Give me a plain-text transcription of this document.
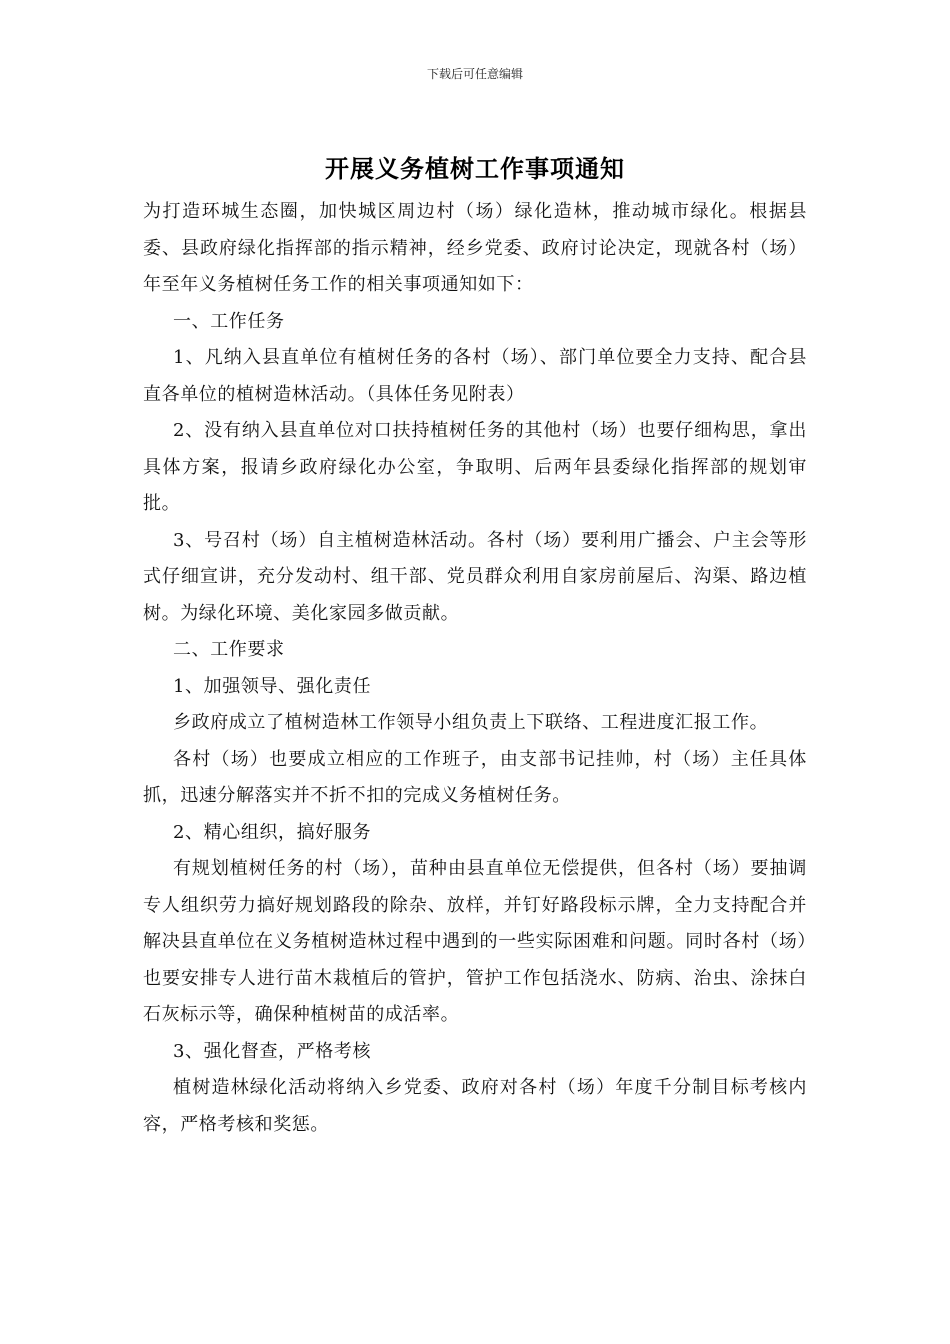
下载后可任意编辑
开展义务植树工作事项通知

为打造环城生态圈，加快城区周边村（场）绿化造林，推动城市绿化。根据县委、县政府绿化指挥部的指示精神，经乡党委、政府讨论决定，现就各村（场）年至年义务植树任务工作的相关事项通知如下：

一、工作任务

1、凡纳入县直单位有植树任务的各村（场）、部门单位要全力支持、配合县直各单位的植树造林活动。（具体任务见附表）

2、没有纳入县直单位对口扶持植树任务的其他村（场）也要仔细构思，拿出具体方案，报请乡政府绿化办公室，争取明、后两年县委绿化指挥部的规划审批。

3、号召村（场）自主植树造林活动。各村（场）要利用广播会、户主会等形式仔细宣讲，充分发动村、组干部、党员群众利用自家房前屋后、沟渠、路边植树。为绿化环境、美化家园多做贡献。

二、工作要求

1、加强领导、强化责任

乡政府成立了植树造林工作领导小组负责上下联络、工程进度汇报工作。

各村（场）也要成立相应的工作班子，由支部书记挂帅，村（场）主任具体抓，迅速分解落实并不折不扣的完成义务植树任务。

2、精心组织，搞好服务

有规划植树任务的村（场），苗种由县直单位无偿提供，但各村（场）要抽调专人组织劳力搞好规划路段的除杂、放样，并钉好路段标示牌，全力支持配合并解决县直单位在义务植树造林过程中遇到的一些实际困难和问题。同时各村（场）也要安排专人进行苗木栽植后的管护，管护工作包括浇水、防病、治虫、涂抹白石灰标示等，确保种植树苗的成活率。

3、强化督查，严格考核

植树造林绿化活动将纳入乡党委、政府对各村（场）年度千分制目标考核内容，严格考核和奖惩。
